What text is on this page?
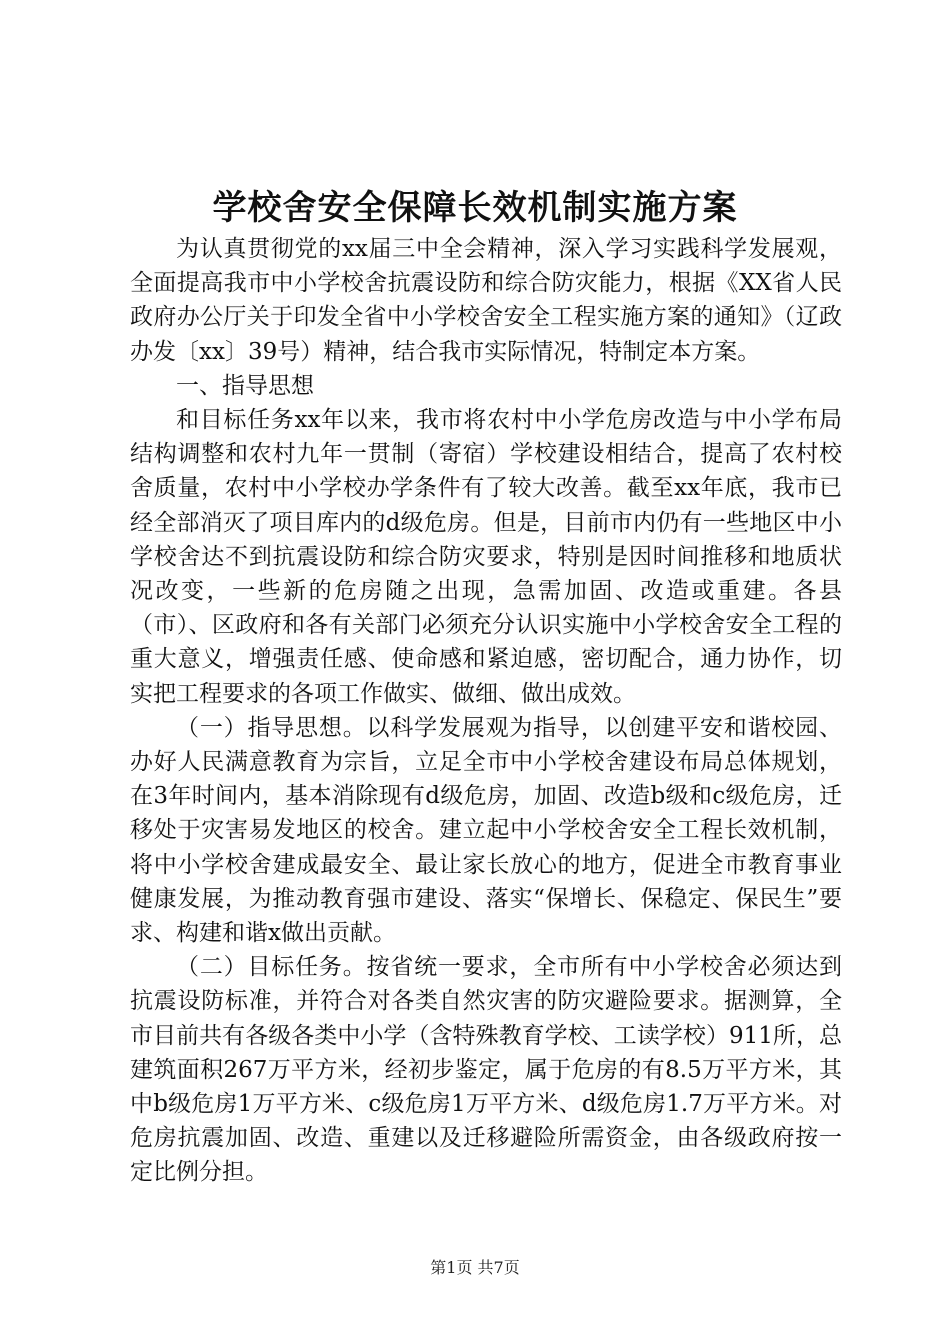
学校舍安全保障长效机制实施方案

为认真贯彻党的xx届三中全会精神，深入学习实践科学发展观，全面提高我市中小学校舍抗震设防和综合防灾能力，根据《XX省人民政府办公厅关于印发全省中小学校舍安全工程实施方案的通知》（辽政办发〔xx〕39号）精神，结合我市实际情况，特制定本方案。

一、指导思想

和目标任务xx年以来，我市将农村中小学危房改造与中小学布局结构调整和农村九年一贯制（寄宿）学校建设相结合，提高了农村校舍质量，农村中小学校办学条件有了较大改善。截至xx年底，我市已经全部消灭了项目库内的d级危房。但是，目前市内仍有一些地区中小学校舍达不到抗震设防和综合防灾要求，特别是因时间推移和地质状况改变，一些新的危房随之出现，急需加固、改造或重建。各县（市）、区政府和各有关部门必须充分认识实施中小学校舍安全工程的重大意义，增强责任感、使命感和紧迫感，密切配合，通力协作，切实把工程要求的各项工作做实、做细、做出成效。

（一）指导思想。以科学发展观为指导，以创建平安和谐校园、办好人民满意教育为宗旨，立足全市中小学校舍建设布局总体规划，在3年时间内，基本消除现有d级危房，加固、改造b级和c级危房，迁移处于灾害易发地区的校舍。建立起中小学校舍安全工程长效机制，将中小学校舍建成最安全、最让家长放心的地方，促进全市教育事业健康发展，为推动教育强市建设、落实“保增长、保稳定、保民生”要求、构建和谐x做出贡献。

（二）目标任务。按省统一要求，全市所有中小学校舍必须达到抗震设防标准，并符合对各类自然灾害的防灾避险要求。据测算，全市目前共有各级各类中小学（含特殊教育学校、工读学校）911所，总建筑面积267万平方米，经初步鉴定，属于危房的有8.5万平方米，其中b级危房1万平方米、c级危房1万平方米、d级危房1.7万平方米。对危房抗震加固、改造、重建以及迁移避险所需资金，由各级政府按一定比例分担。

第1页 共7页
